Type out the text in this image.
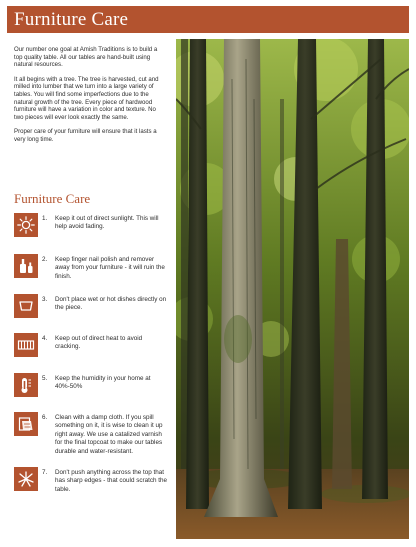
Furniture Care

Our number one goal at Amish Traditions is to build a top quality table. All our tables are hand-built using natural resources.

It all begins with a tree. The tree is harvested, cut and milled into lumber that we turn into a large variety of tables. You will find some imperfections due to the natural growth of the tree. Every piece of hardwood furniture will have a variation in color and texture. No two pieces will ever look exactly the same.

Proper care of your furniture will ensure that it lasts a very long time.

Furniture Care
1. Keep it out of direct sunlight. This will help avoid fading.
2. Keep finger nail polish and remover away from your furniture - it will ruin the finish.
3. Don't place wet or hot dishes directly on the piece.
4. Keep out of direct heat to avoid cracking.
5. Keep the humidity in your home at 40%-50%
6. Clean with a damp cloth. If you spill something on it, it is wise to clean it up right away. We use a catalized varnish for the final topcoat to make our tables durable and water-resistant.
7. Don't push anything across the top that has sharp edges - that could scratch the table.
